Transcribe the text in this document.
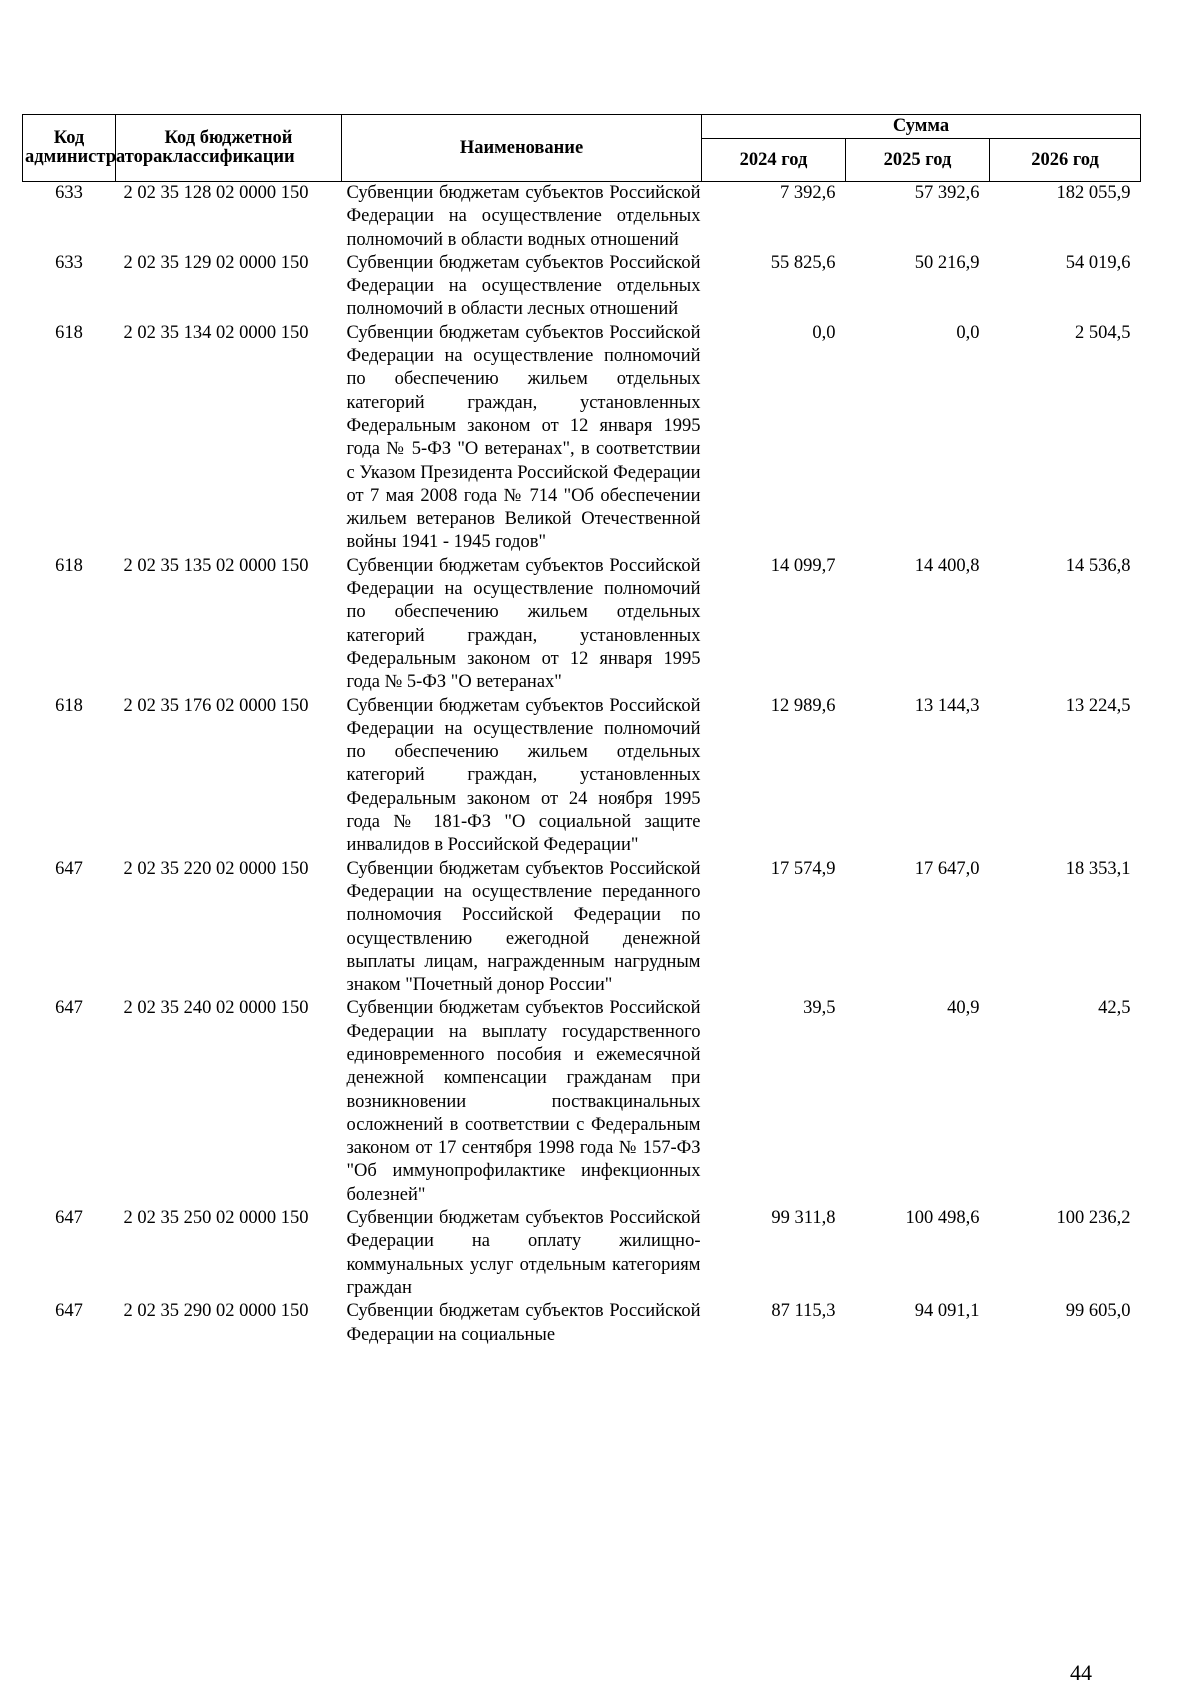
Код администратора	Код бюджетной классификации	Наименование	Сумма		
			2024 год	2025 год	2026 год
633	2 02 35 128 02 0000 150	Субвенции бюджетам субъектов Российской Федерации на осуществление отдельных полномочий в области водных отношений	7 392,6	57 392,6	182 055,9
633	2 02 35 129 02 0000 150	Субвенции бюджетам субъектов Российской Федерации на осуществление отдельных полномочий в области лесных отношений	55 825,6	50 216,9	54 019,6
618	2 02 35 134 02 0000 150	Субвенции бюджетам субъектов Российской Федерации на осуществление полномочий по обеспечению жильем отдельных категорий граждан, установленных Федеральным законом от 12 января 1995 года № 5-ФЗ "О ветеранах", в соответствии с Указом Президента Российской Федерации от 7 мая 2008 года № 714 "Об обеспечении жильем ветеранов Великой Отечественной войны 1941 - 1945 годов"	0,0	0,0	2 504,5
618	2 02 35 135 02 0000 150	Субвенции бюджетам субъектов Российской Федерации на осуществление полномочий по обеспечению жильем отдельных категорий граждан, установленных Федеральным законом от 12 января 1995 года № 5-ФЗ "О ветеранах"	14 099,7	14 400,8	14 536,8
618	2 02 35 176 02 0000 150	Субвенции бюджетам субъектов Российской Федерации на осуществление полномочий по обеспечению жильем отдельных категорий граждан, установленных Федеральным законом от 24 ноября 1995 года № 181-ФЗ "О социальной защите инвалидов в Российской Федерации"	12 989,6	13 144,3	13 224,5
647	2 02 35 220 02 0000 150	Субвенции бюджетам субъектов Российской Федерации на осуществление переданного полномочия Российской Федерации по осуществлению ежегодной денежной выплаты лицам, награжденным нагрудным знаком "Почетный донор России"	17 574,9	17 647,0	18 353,1
647	2 02 35 240 02 0000 150	Субвенции бюджетам субъектов Российской Федерации на выплату государственного единовременного пособия и ежемесячной денежной компенсации гражданам при возникновении поствакцинальных осложнений в соответствии с Федеральным законом от 17 сентября 1998 года № 157-ФЗ "Об иммунопрофилактике инфекционных болезней"	39,5	40,9	42,5
647	2 02 35 250 02 0000 150	Субвенции бюджетам субъектов Российской Федерации на оплату жилищно-коммунальных услуг отдельным категориям граждан	99 311,8	100 498,6	100 236,2
647	2 02 35 290 02 0000 150	Субвенции бюджетам субъектов Российской Федерации на социальные	87 115,3	94 091,1	99 605,0
44
